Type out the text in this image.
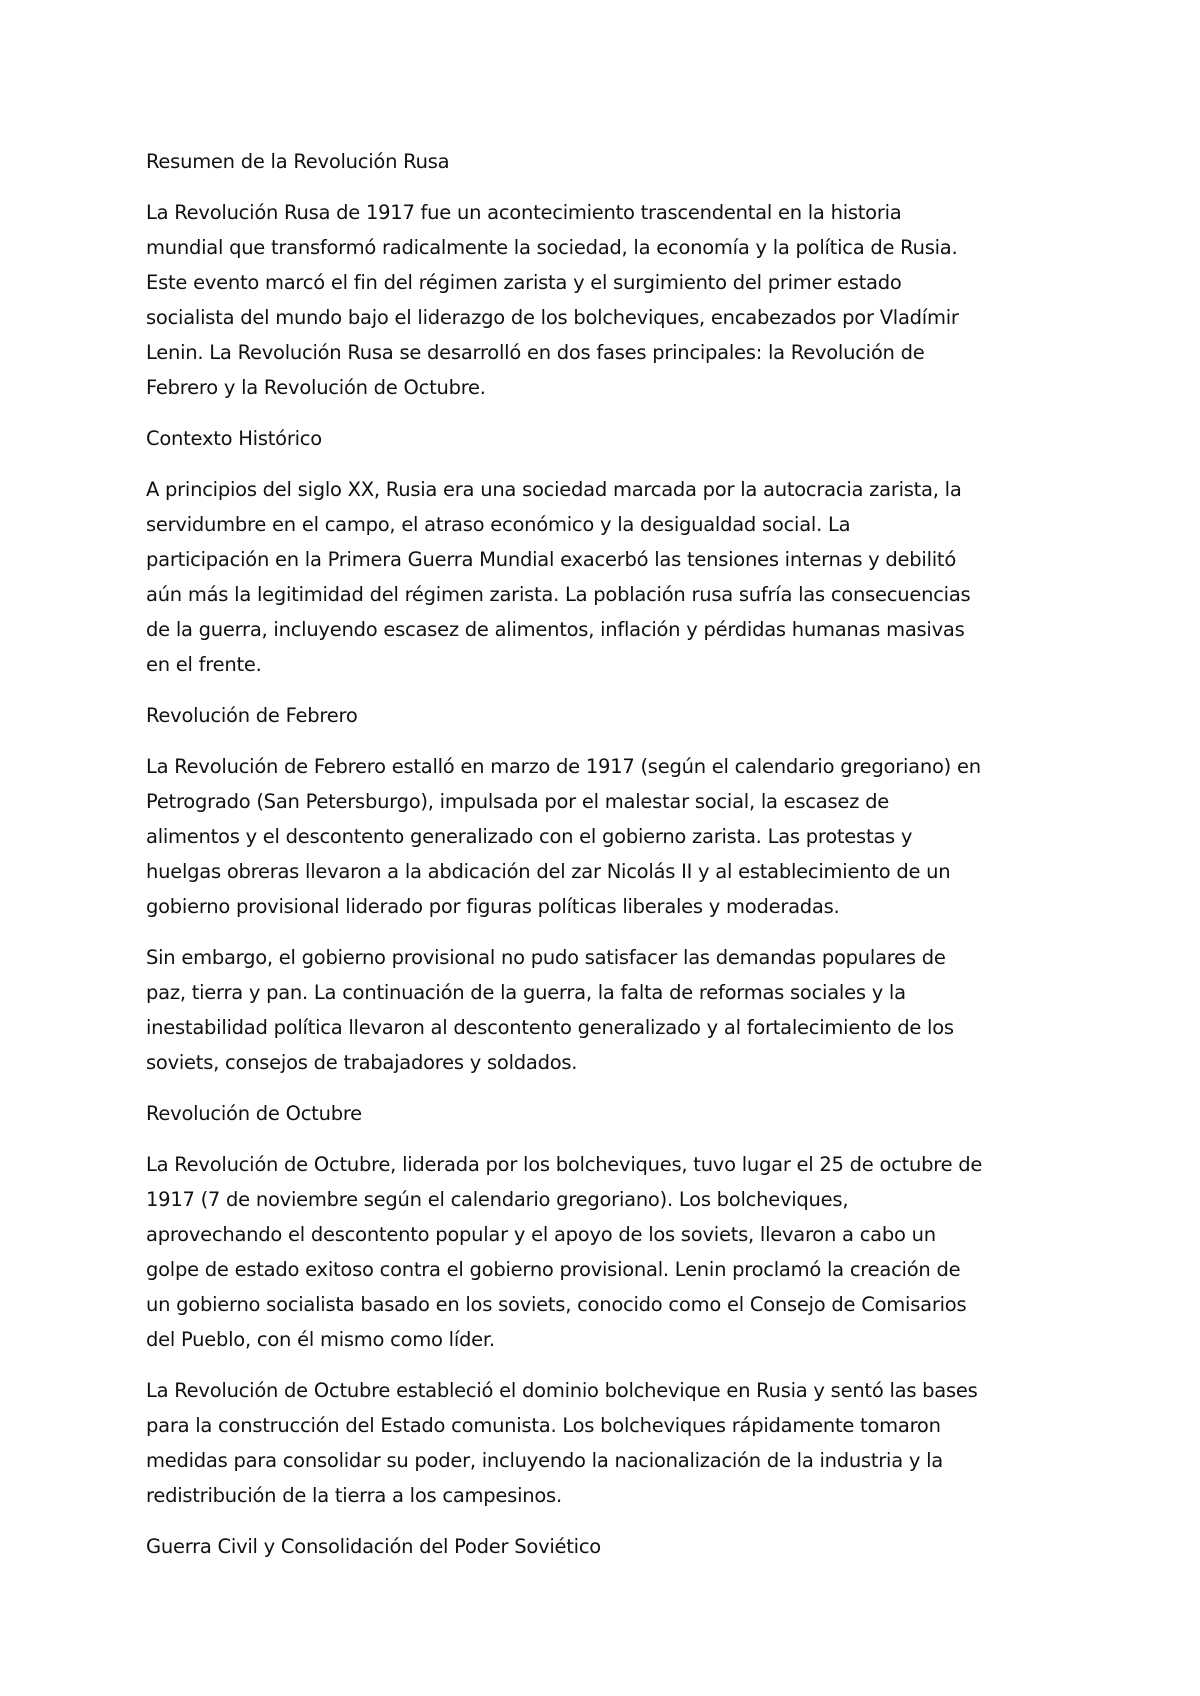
Resumen de la Revolución Rusa
La Revolución Rusa de 1917 fue un acontecimiento trascendental en la historia
mundial que transformó radicalmente la sociedad, la economía y la política de Rusia.
Este evento marcó el fin del régimen zarista y el surgimiento del primer estado
socialista del mundo bajo el liderazgo de los bolcheviques, encabezados por Vladímir
Lenin. La Revolución Rusa se desarrolló en dos fases principales: la Revolución de
Febrero y la Revolución de Octubre.
Contexto Histórico
A principios del siglo XX, Rusia era una sociedad marcada por la autocracia zarista, la
servidumbre en el campo, el atraso económico y la desigualdad social. La
participación en la Primera Guerra Mundial exacerbó las tensiones internas y debilitó
aún más la legitimidad del régimen zarista. La población rusa sufría las consecuencias
de la guerra, incluyendo escasez de alimentos, inflación y pérdidas humanas masivas
en el frente.
Revolución de Febrero
La Revolución de Febrero estalló en marzo de 1917 (según el calendario gregoriano) en
Petrogrado (San Petersburgo), impulsada por el malestar social, la escasez de
alimentos y el descontento generalizado con el gobierno zarista. Las protestas y
huelgas obreras llevaron a la abdicación del zar Nicolás II y al establecimiento de un
gobierno provisional liderado por figuras políticas liberales y moderadas.
Sin embargo, el gobierno provisional no pudo satisfacer las demandas populares de
paz, tierra y pan. La continuación de la guerra, la falta de reformas sociales y la
inestabilidad política llevaron al descontento generalizado y al fortalecimiento de los
soviets, consejos de trabajadores y soldados.
Revolución de Octubre
La Revolución de Octubre, liderada por los bolcheviques, tuvo lugar el 25 de octubre de
1917 (7 de noviembre según el calendario gregoriano). Los bolcheviques,
aprovechando el descontento popular y el apoyo de los soviets, llevaron a cabo un
golpe de estado exitoso contra el gobierno provisional. Lenin proclamó la creación de
un gobierno socialista basado en los soviets, conocido como el Consejo de Comisarios
del Pueblo, con él mismo como líder.
La Revolución de Octubre estableció el dominio bolchevique en Rusia y sentó las bases
para la construcción del Estado comunista. Los bolcheviques rápidamente tomaron
medidas para consolidar su poder, incluyendo la nacionalización de la industria y la
redistribución de la tierra a los campesinos.
Guerra Civil y Consolidación del Poder Soviético
